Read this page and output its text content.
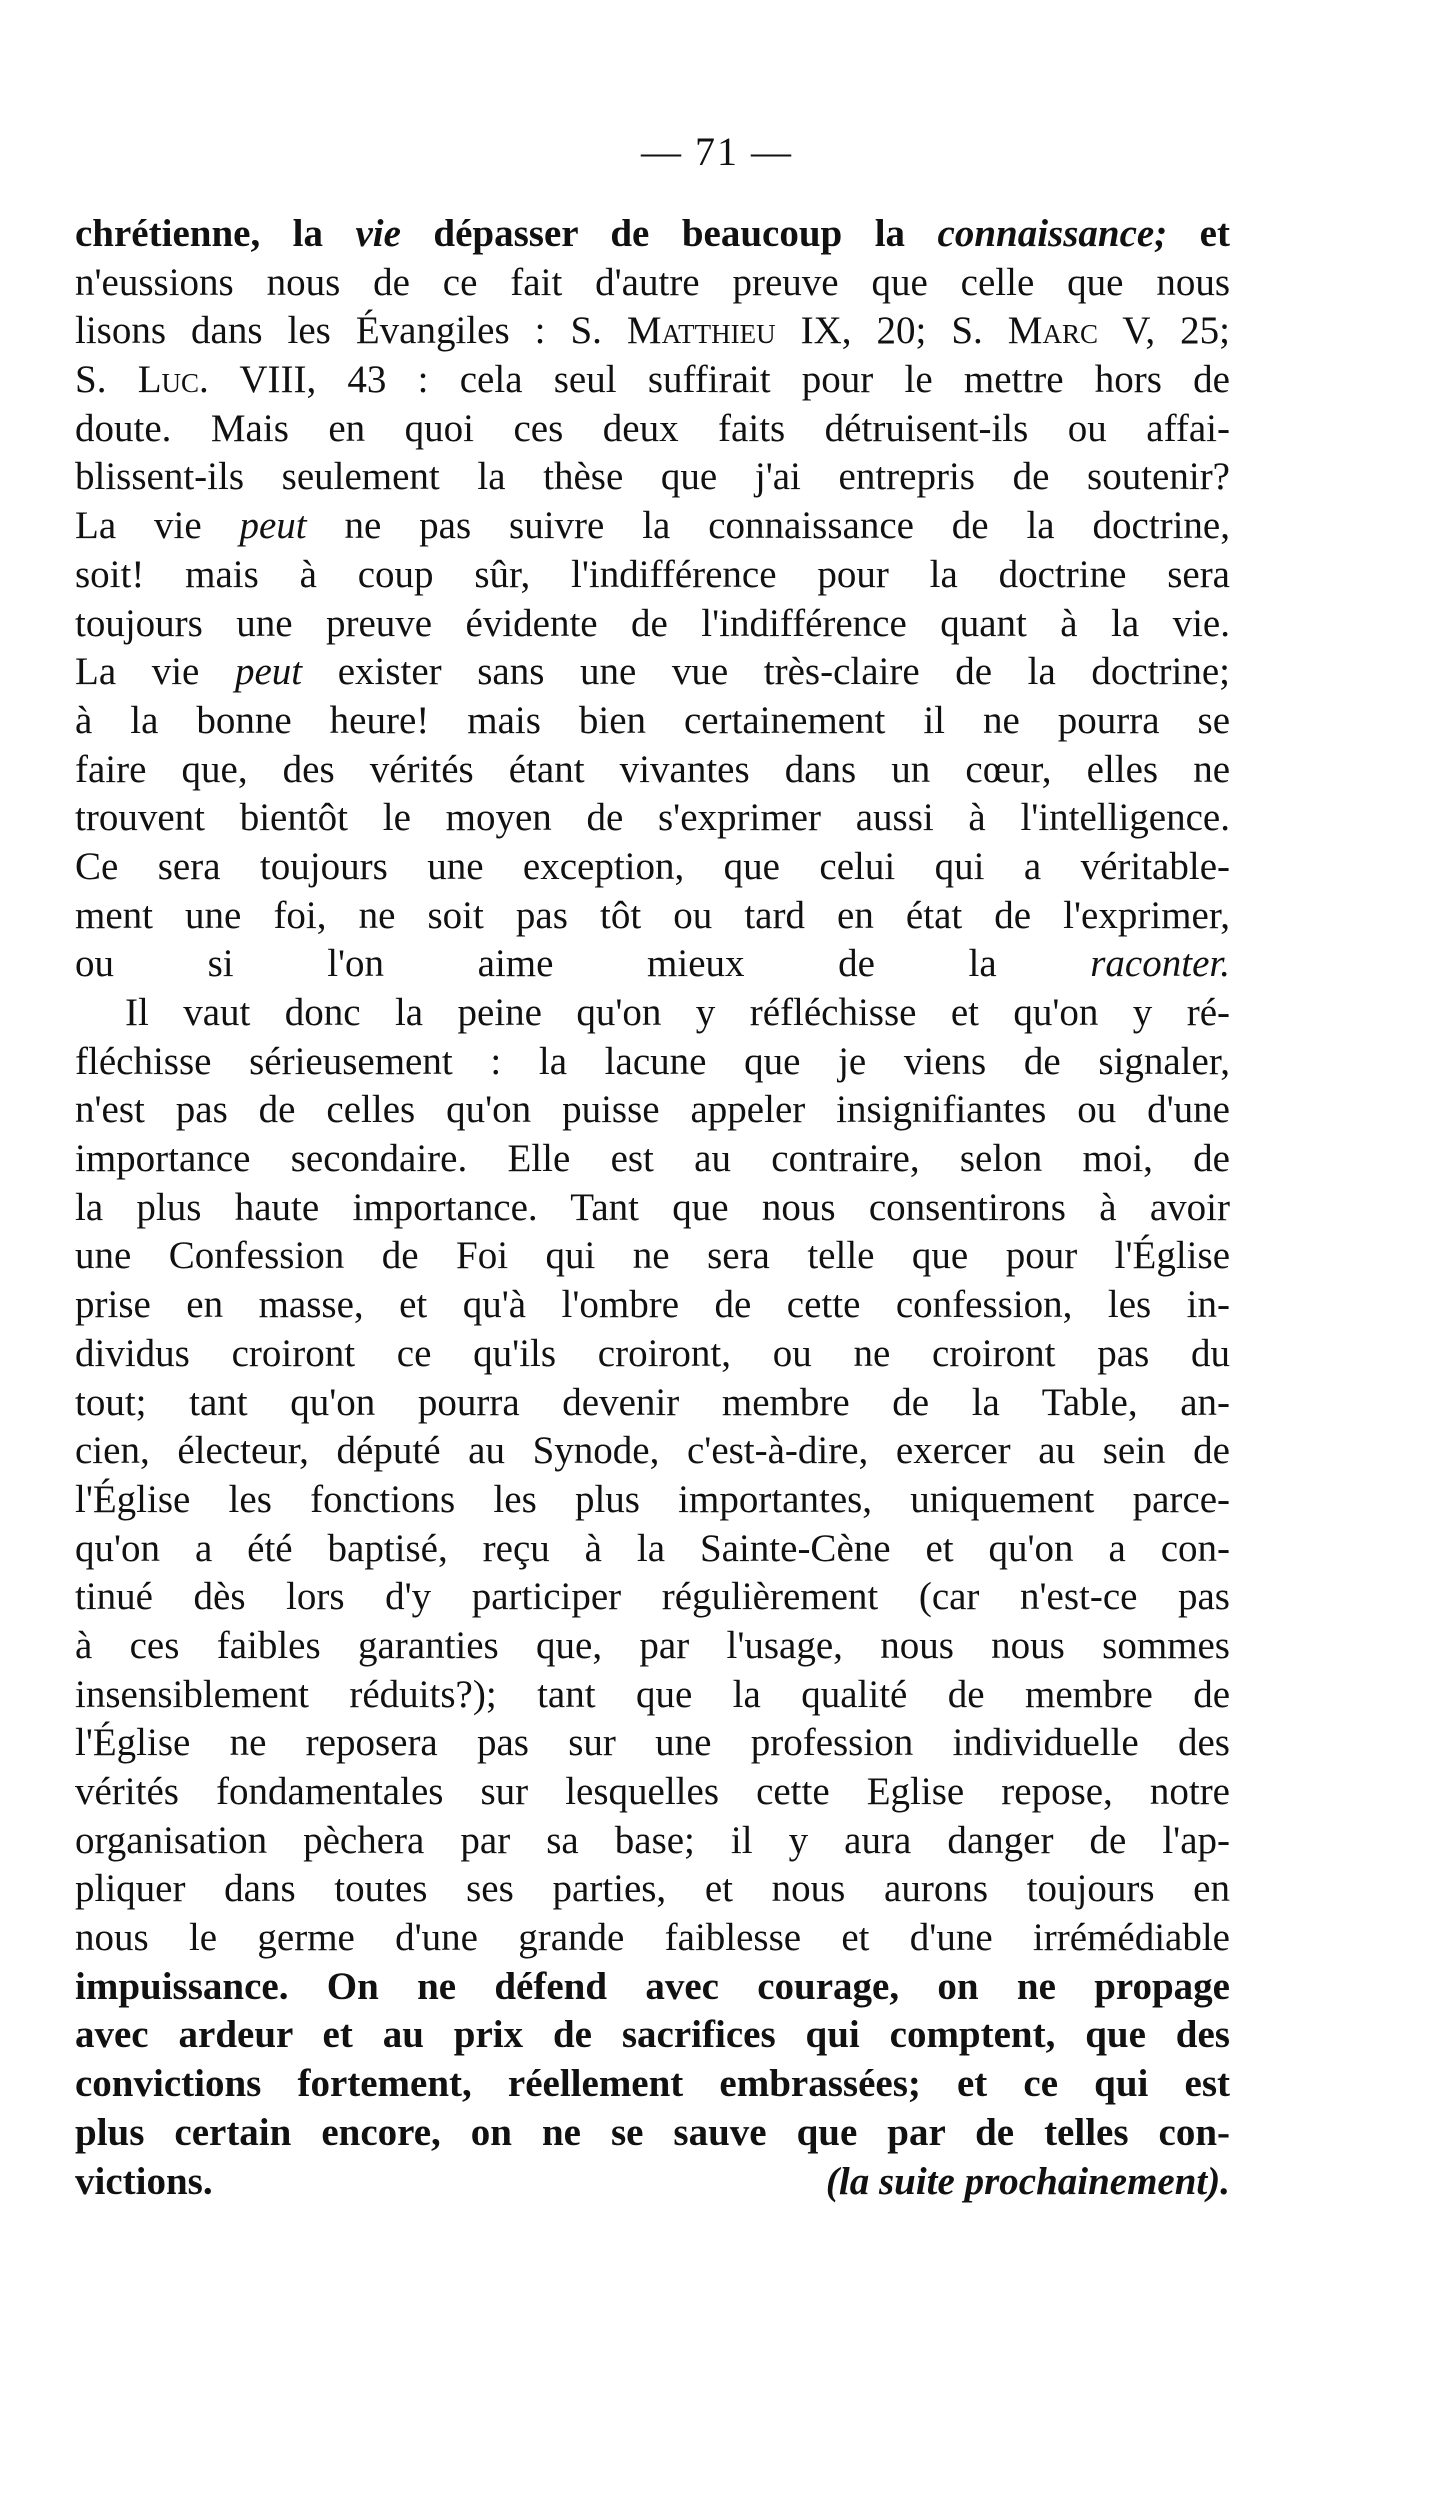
— 71 —
chrétienne, la vie dépasser de beaucoup la connaissance; et
n'eussions nous de ce fait d'autre preuve que celle que nous
lisons dans les Évangiles : S. Matthieu IX, 20; S. Marc V, 25;
S. Luc. VIII, 43 : cela seul suffirait pour le mettre hors de
doute. Mais en quoi ces deux faits détruisent-ils ou affai-
blissent-ils seulement la thèse que j'ai entrepris de soutenir?
La vie peut ne pas suivre la connaissance de la doctrine,
soit! mais à coup sûr, l'indifférence pour la doctrine sera
toujours une preuve évidente de l'indifférence quant à la vie.
La vie peut exister sans une vue très-claire de la doctrine;
à la bonne heure! mais bien certainement il ne pourra se
faire que, des vérités étant vivantes dans un cœur, elles ne
trouvent bientôt le moyen de s'exprimer aussi à l'intelligence.
Ce sera toujours une exception, que celui qui a véritable-
ment une foi, ne soit pas tôt ou tard en état de l'exprimer,
ou si l'on aime mieux de la raconter.
Il vaut donc la peine qu'on y réfléchisse et qu'on y ré-
fléchisse sérieusement : la lacune que je viens de signaler,
n'est pas de celles qu'on puisse appeler insignifiantes ou d'une
importance secondaire. Elle est au contraire, selon moi, de
la plus haute importance. Tant que nous consentirons à avoir
une Confession de Foi qui ne sera telle que pour l'Église
prise en masse, et qu'à l'ombre de cette confession, les in-
dividus croiront ce qu'ils croiront, ou ne croiront pas du
tout; tant qu'on pourra devenir membre de la Table, an-
cien, électeur, député au Synode, c'est-à-dire, exercer au sein de
l'Église les fonctions les plus importantes, uniquement parce-
qu'on a été baptisé, reçu à la Sainte-Cène et qu'on a con-
tinué dès lors d'y participer régulièrement (car n'est-ce pas
à ces faibles garanties que, par l'usage, nous nous sommes
insensiblement réduits?); tant que la qualité de membre de
l'Église ne reposera pas sur une profession individuelle des
vérités fondamentales sur lesquelles cette Eglise repose, notre
organisation pèchera par sa base; il y aura danger de l'ap-
pliquer dans toutes ses parties, et nous aurons toujours en
nous le germe d'une grande faiblesse et d'une irrémédiable
impuissance. On ne défend avec courage, on ne propage
avec ardeur et au prix de sacrifices qui comptent, que des
convictions fortement, réellement embrassées; et ce qui est
plus certain encore, on ne se sauve que par de telles con-
victions.	(la suite prochainement).
